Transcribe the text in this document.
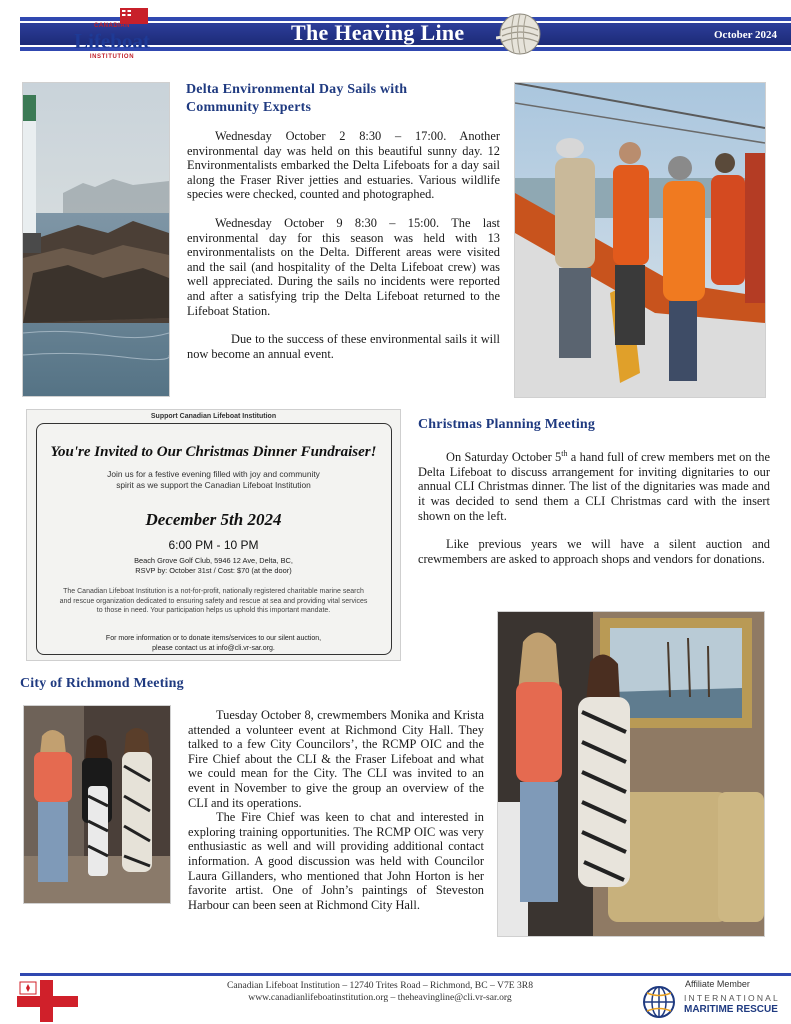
The Heaving Line	October 2024
CANADIAN
Lifeboat
INSTITUTION
Delta Environmental Day Sails with
Community Experts

Wednesday October 2 8:30 – 17:00. Another environmental day was held on this beautiful sunny day. 12 Environmentalists embarked the Delta Lifeboats for a day sail along the Fraser River jetties and estuaries. Various wildlife species were checked, counted and photographed.

Wednesday October 9 8:30 – 15:00. The last environmental day for this season was held with 13 environmentalists on the Delta. Different areas were visited and the sail (and hospitality of the Delta Lifeboat crew) was well appreciated. During the sails no incidents were reported and after a satisfying trip the Delta Lifeboat returned to the Lifeboat Station.

Due to the success of these environmental sails it will now become an annual event.

Support Canadian Lifeboat Institution
You're Invited to Our Christmas Dinner Fundraiser!
Join us for a festive evening filled with joy and community
spirit as we support the Canadian Lifeboat Institution
December 5th 2024
6:00 PM - 10 PM
Beach Grove Golf Club, 5946 12 Ave, Delta, BC,
RSVP by: October 31st / Cost: $70 (at the door)
The Canadian Lifeboat Institution is a not-for-profit, nationally registered charitable marine search and rescue organization dedicated to ensuring safety and rescue at sea and providing vital services to those in need. Your participation helps us uphold this important mandate.
For more information or to donate items/services to our silent auction,
please contact us at info@cli.vr-sar.org.
Christmas Planning Meeting

On Saturday October 5th a hand full of crew members met on the Delta Lifeboat to discuss arrangement for inviting dignitaries to our annual CLI Christmas dinner. The list of the dignitaries was made and it was decided to send them a CLI Christmas card with the insert shown on the left.

Like previous years we will have a silent auction and crewmembers are asked to approach shops and vendors for donations.

City of Richmond Meeting

Tuesday October 8, crewmembers Monika and Krista attended a volunteer event at Richmond City Hall. They talked to a few City Councilors’, the RCMP OIC and the Fire Chief about the CLI & the Fraser Lifeboat and what we could mean for the City. The CLI was invited to an event in November to give the group an overview of the CLI and its operations.

The Fire Chief was keen to chat and interested in exploring training opportunities. The RCMP OIC was very enthusiastic as well and will providing additional contact information. A good discussion was held with Councilor Laura Gillanders, who mentioned that John Horton is her favorite artist. One of John’s paintings of Steveston Harbour can been seen at Richmond City Hall.

Canadian Lifeboat Institution – 12740 Trites Road – Richmond, BC – V7E 3R8
www.canadianlifeboatinstitution.org – theheavingline@cli.vr-sar.org
Affiliate Member
INTERNATIONAL
MARITIME RESCUE
